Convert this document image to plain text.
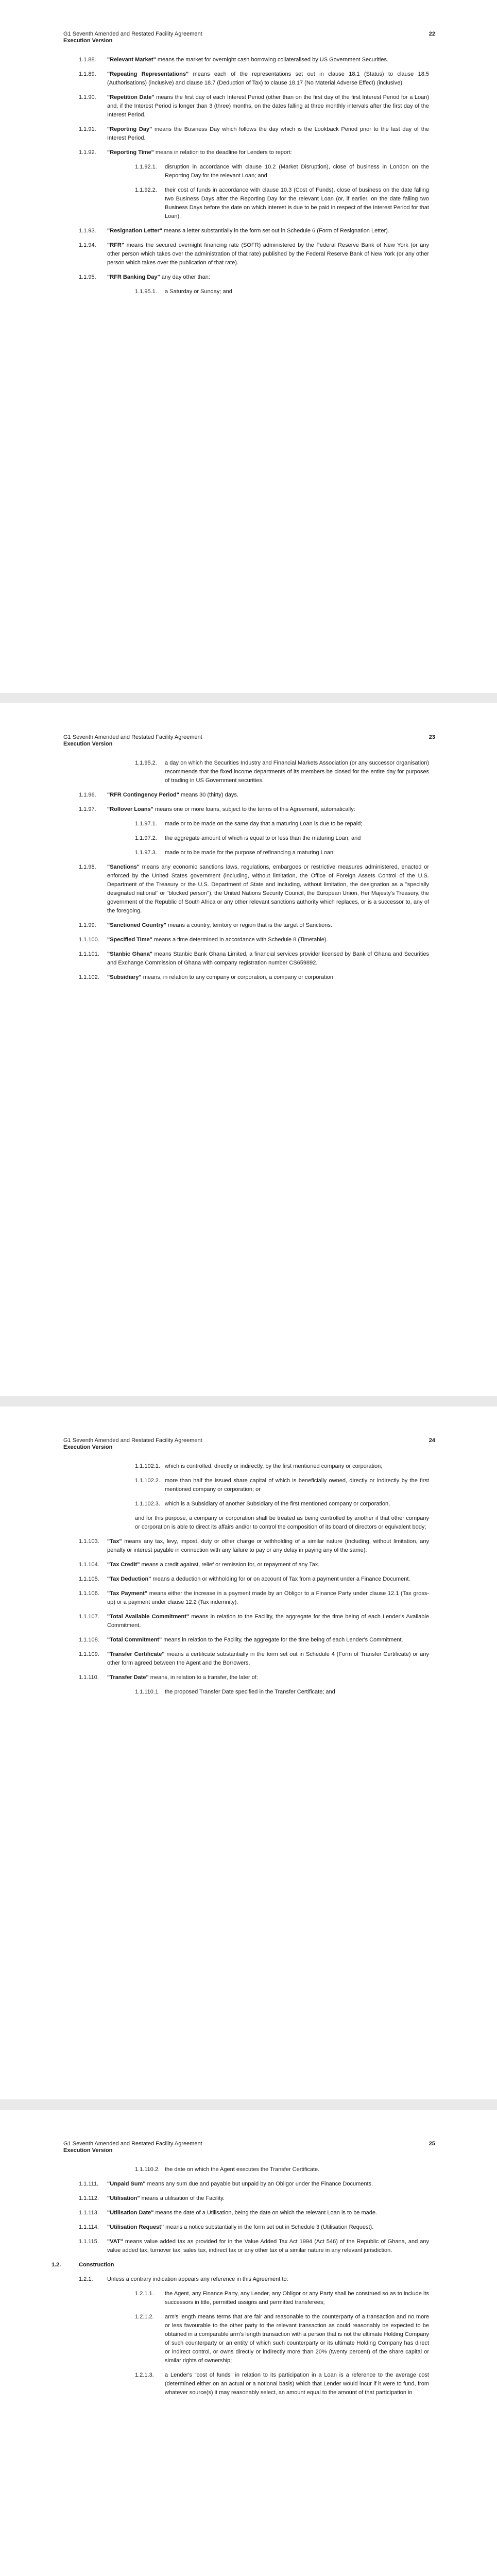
G1 Seventh Amended and Restated Facility Agreement
Execution Version
22
1.1.88. "Relevant Market" means the market for overnight cash borrowing collateralised by US Government Securities.
1.1.89. "Repeating Representations" means each of the representations set out in clause 18.1 (Status) to clause 18.5 (Authorisations) (inclusive) and clause 18.7 (Deduction of Tax) to clause 18.17 (No Material Adverse Effect) (inclusive).
1.1.90. "Repetition Date" means the first day of each Interest Period (other than on the first day of the first Interest Period for a Loan) and, if the Interest Period is longer than 3 (three) months, on the dates falling at three monthly intervals after the first day of the Interest Period.
1.1.91. "Reporting Day" means the Business Day which follows the day which is the Lookback Period prior to the last day of the Interest Period.
1.1.92. "Reporting Time" means in relation to the deadline for Lenders to report:
1.1.92.1. disruption in accordance with clause 10.2 (Market Disruption), close of business in London on the Reporting Day for the relevant Loan; and
1.1.92.2. their cost of funds in accordance with clause 10.3 (Cost of Funds), close of business on the date falling two Business Days after the Reporting Day for the relevant Loan (or, if earlier, on the date falling two Business Days before the date on which interest is due to be paid in respect of the Interest Period for that Loan).
1.1.93. "Resignation Letter" means a letter substantially in the form set out in Schedule 6 (Form of Resignation Letter).
1.1.94. "RFR" means the secured overnight financing rate (SOFR) administered by the Federal Reserve Bank of New York (or any other person which takes over the administration of that rate) published by the Federal Reserve Bank of New York (or any other person which takes over the publication of that rate).
1.1.95. "RFR Banking Day" any day other than:
1.1.95.1. a Saturday or Sunday; and
G1 Seventh Amended and Restated Facility Agreement
Execution Version
23
1.1.95.2. a day on which the Securities Industry and Financial Markets Association (or any successor organisation) recommends that the fixed income departments of its members be closed for the entire day for purposes of trading in US Government securities.
1.1.96. "RFR Contingency Period" means 30 (thirty) days.
1.1.97. "Rollover Loans" means one or more loans, subject to the terms of this Agreement, automatically:
1.1.97.1. made or to be made on the same day that a maturing Loan is due to be repaid;
1.1.97.2. the aggregate amount of which is equal to or less than the maturing Loan; and
1.1.97.3. made or to be made for the purpose of refinancing a maturing Loan.
1.1.98. "Sanctions" means any economic sanctions laws, regulations, embargoes or restrictive measures administered, enacted or enforced by the United States government (including, without limitation, the Office of Foreign Assets Control of the U.S. Department of the Treasury or the U.S. Department of State and including, without limitation, the designation as a "specially designated national" or "blocked person"), the United Nations Security Council, the European Union, Her Majesty's Treasury, the government of the Republic of South Africa or any other relevant sanctions authority which replaces, or is a successor to, any of the foregoing.
1.1.99. "Sanctioned Country" means a country, territory or region that is the target of Sanctions.
1.1.100. "Specified Time" means a time determined in accordance with Schedule 8 (Timetable).
1.1.101. "Stanbic Ghana" means Stanbic Bank Ghana Limited, a financial services provider licensed by Bank of Ghana and Securities and Exchange Commission of Ghana with company registration number CS659892.
1.1.102. "Subsidiary" means, in relation to any company or corporation, a company or corporation:
G1 Seventh Amended and Restated Facility Agreement
Execution Version
24
1.1.102.1. which is controlled, directly or indirectly, by the first mentioned company or corporation;
1.1.102.2. more than half the issued share capital of which is beneficially owned, directly or indirectly by the first mentioned company or corporation; or
1.1.102.3. which is a Subsidiary of another Subsidiary of the first mentioned company or corporation,
and for this purpose, a company or corporation shall be treated as being controlled by another if that other company or corporation is able to direct its affairs and/or to control the composition of its board of directors or equivalent body;
1.1.103. "Tax" means any tax, levy, impost, duty or other charge or withholding of a similar nature (including, without limitation, any penalty or interest payable in connection with any failure to pay or any delay in paying any of the same).
1.1.104. "Tax Credit" means a credit against, relief or remission for, or repayment of any Tax.
1.1.105. "Tax Deduction" means a deduction or withholding for or on account of Tax from a payment under a Finance Document.
1.1.106. "Tax Payment" means either the increase in a payment made by an Obligor to a Finance Party under clause 12.1 (Tax gross-up) or a payment under clause 12.2 (Tax indemnity).
1.1.107. "Total Available Commitment" means in relation to the Facility, the aggregate for the time being of each Lender's Available Commitment.
1.1.108. "Total Commitment" means in relation to the Facility, the aggregate for the time being of each Lender's Commitment.
1.1.109. "Transfer Certificate" means a certificate substantially in the form set out in Schedule 4 (Form of Transfer Certificate) or any other form agreed between the Agent and the Borrowers.
1.1.110. "Transfer Date" means, in relation to a transfer, the later of:
1.1.110.1. the proposed Transfer Date specified in the Transfer Certificate; and
G1 Seventh Amended and Restated Facility Agreement
Execution Version
25
1.1.110.2. the date on which the Agent executes the Transfer Certificate.
1.1.111. "Unpaid Sum" means any sum due and payable but unpaid by an Obligor under the Finance Documents.
1.1.112. "Utilisation" means a utilisation of the Facility.
1.1.113. "Utilisation Date" means the date of a Utilisation, being the date on which the relevant Loan is to be made.
1.1.114. "Utilisation Request" means a notice substantially in the form set out in Schedule 3 (Utilisation Request).
1.1.115. "VAT" means value added tax as provided for in the Value Added Tax Act 1994 (Act 546) of the Republic of Ghana, and any value added tax, turnover tax, sales tax, indirect tax or any other tax of a similar nature in any relevant jurisdiction.
1.2.	Construction
1.2.1. Unless a contrary indication appears any reference in this Agreement to:
1.2.1.1. the Agent, any Finance Party, any Lender, any Obligor or any Party shall be construed so as to include its successors in title, permitted assigns and permitted transferees;
1.2.1.2. arm's length means terms that are fair and reasonable to the counterparty of a transaction and no more or less favourable to the other party to the relevant transaction as could reasonably be expected to be obtained in a comparable arm's length transaction with a person that is not the ultimate Holding Company of such counterparty or an entity of which such counterparty or its ultimate Holding Company has direct or indirect control, or owns directly or indirectly more than 20% (twenty percent) of the share capital or similar rights of ownership;
1.2.1.3. a Lender's "cost of funds" in relation to its participation in a Loan is a reference to the average cost (determined either on an actual or a notional basis) which that Lender would incur if it were to fund, from whatever source(s) it may reasonably select, an amount equal to the amount of that participation in
